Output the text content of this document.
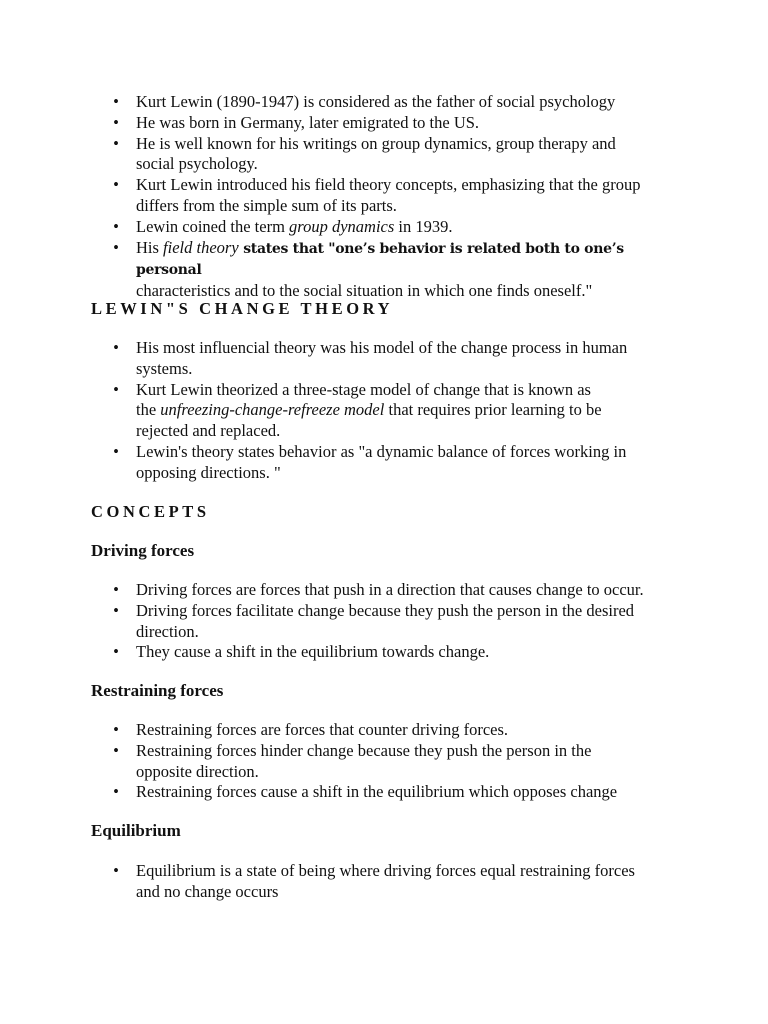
• Kurt Lewin (1890-1947) is considered as the father of social psychology
• He was born in Germany, later emigrated to the US.
• He is well known for his writings on group dynamics, group therapy and
social psychology.
• Kurt Lewin introduced his field theory concepts, emphasizing that the group
differs from the simple sum of its parts.
• Lewin coined the term group dynamics in 1939.
• His field theory states that "one’s behavior is related both to one’s personal
characteristics and to the social situation in which one finds oneself."
LEWIN"S CHANGE THEORY
• His most influencial theory was his model of the change process in human
systems.
• Kurt Lewin theorized a three-stage model of change that is known as
the unfreezing-change-refreeze model that requires prior learning to be
rejected and replaced.
• Lewin's theory states behavior as "a dynamic balance of forces working in
opposing directions. "
CONCEPTS
Driving forces
• Driving forces are forces that push in a direction that causes change to occur.
• Driving forces facilitate change because they push the person in the desired
direction.
• They cause a shift in the equilibrium towards change.
Restraining forces
• Restraining forces are forces that counter driving forces.
• Restraining forces hinder change because they push the person in the
opposite direction.
• Restraining forces cause a shift in the equilibrium which opposes change
Equilibrium
• Equilibrium is a state of being where driving forces equal restraining forces
and no change occurs
